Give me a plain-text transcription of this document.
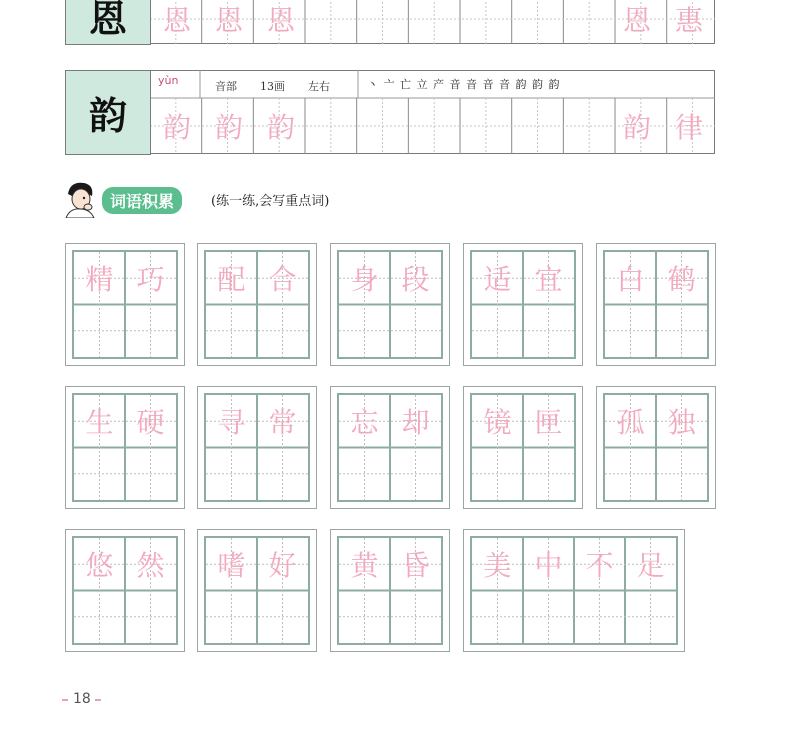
恩	恩 恩 恩	恩 惠
韵
yùn	音部 13画 左右	丶 亠 亡 立 产 音 音 音 音 韵 韵 韵
韵 韵 韵	韵 律
词语积累	(练一练,会写重点词)
精 巧	配 合	身 段	适 宜	白 鹤
生 硬	寻 常	忘 却	镜 匣	孤 独
悠 然	嗜 好	黄 昏	美 中 不 足
18
